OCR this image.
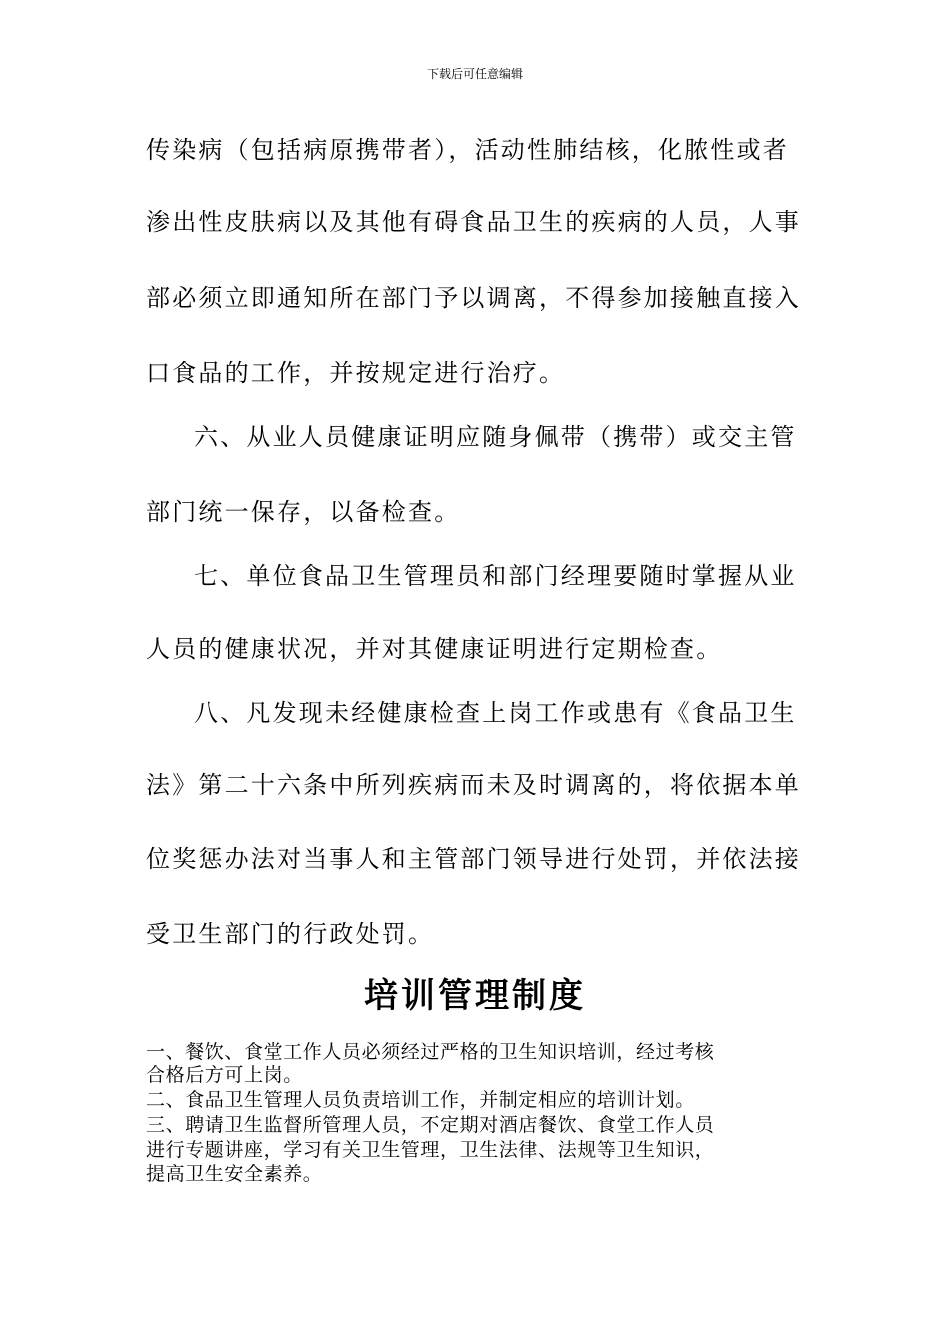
下载后可任意编辑
传染病（包括病原携带者），活动性肺结核，化脓性或者
渗出性皮肤病以及其他有碍食品卫生的疾病的人员，人事
部必须立即通知所在部门予以调离，不得参加接触直接入
口食品的工作，并按规定进行治疗。
六、从业人员健康证明应随身佩带（携带）或交主管
部门统一保存，以备检查。
七、单位食品卫生管理员和部门经理要随时掌握从业
人员的健康状况，并对其健康证明进行定期检查。
八、凡发现未经健康检查上岗工作或患有《食品卫生
法》第二十六条中所列疾病而未及时调离的，将依据本单
位奖惩办法对当事人和主管部门领导进行处罚，并依法接
受卫生部门的行政处罚。
培训管理制度
一、餐饮、食堂工作人员必须经过严格的卫生知识培训，经过考核
合格后方可上岗。
二、食品卫生管理人员负责培训工作，并制定相应的培训计划。
三、聘请卫生监督所管理人员，不定期对酒店餐饮、食堂工作人员
进行专题讲座，学习有关卫生管理，卫生法律、法规等卫生知识，
提高卫生安全素养。
